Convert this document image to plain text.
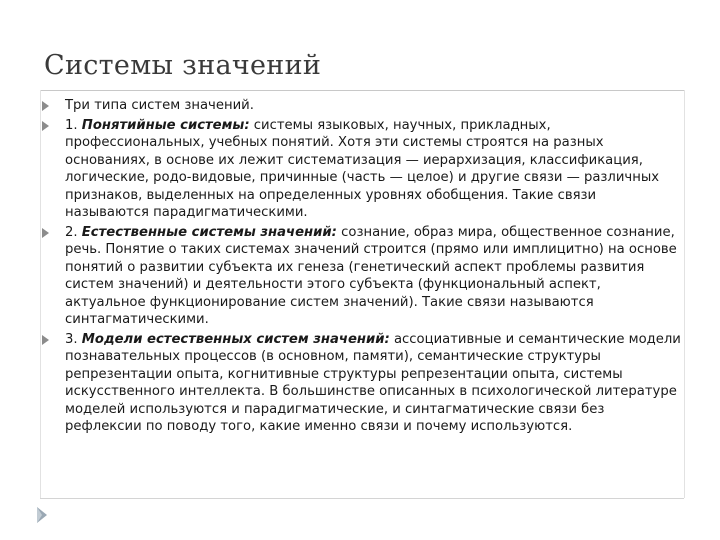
Системы значений
Три типа систем значений.
1. Понятийные системы: системы языковых, научных, прикладных, профессиональных, учебных понятий. Хотя эти системы строятся на разных основаниях, в основе их лежит систематизация — иерархизация, классификация, логические, родо-видовые, причинные (часть — целое) и другие связи — различных признаков, выделенных на определенных уровнях обобщения. Такие связи называются парадигматическими.
2. Естественные системы значений: сознание, образ мира, общественное сознание, речь. Понятие о таких системах значений строится (прямо или имплицитно) на основе понятий о развитии субъекта их генеза (генетический аспект проблемы развития систем значений) и деятельности этого субъекта (функциональный аспект, актуальное функционирование систем значений). Такие связи называются синтагматическими.
3. Модели естественных систем значений: ассоциативные и семантические модели познавательных процессов (в основном, памяти), семантические структуры репрезентации опыта, когнитивные структуры репрезентации опыта, системы искусственного интеллекта. В большинстве описанных в психологической литературе моделей используются и парадигматические, и синтагматические связи без рефлексии по поводу того, какие именно связи и почему используются.
